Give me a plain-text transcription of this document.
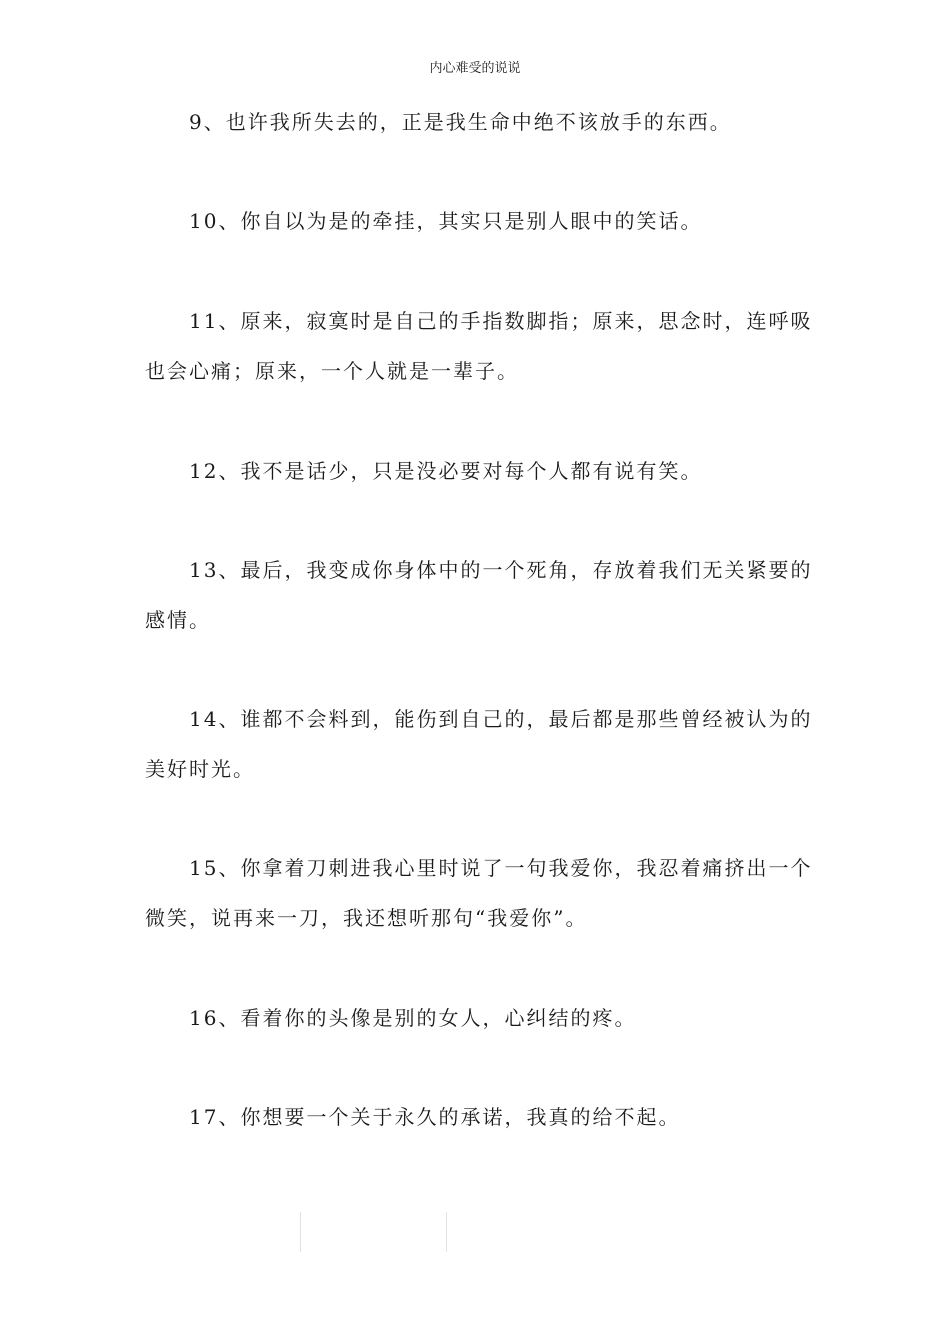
内心难受的说说

9、也许我所失去的，正是我生命中绝不该放手的东西。

10、你自以为是的牵挂，其实只是别人眼中的笑话。

11、原来，寂寞时是自己的手指数脚指；原来，思念时，连呼吸也会心痛；原来，一个人就是一辈子。

12、我不是话少，只是没必要对每个人都有说有笑。

13、最后，我变成你身体中的一个死角，存放着我们无关紧要的感情。

14、谁都不会料到，能伤到自己的，最后都是那些曾经被认为的美好时光。

15、你拿着刀刺进我心里时说了一句我爱你，我忍着痛挤出一个微笑，说再来一刀，我还想听那句“我爱你”。

16、看着你的头像是别的女人，心纠结的疼。

17、你想要一个关于永久的承诺，我真的给不起。
